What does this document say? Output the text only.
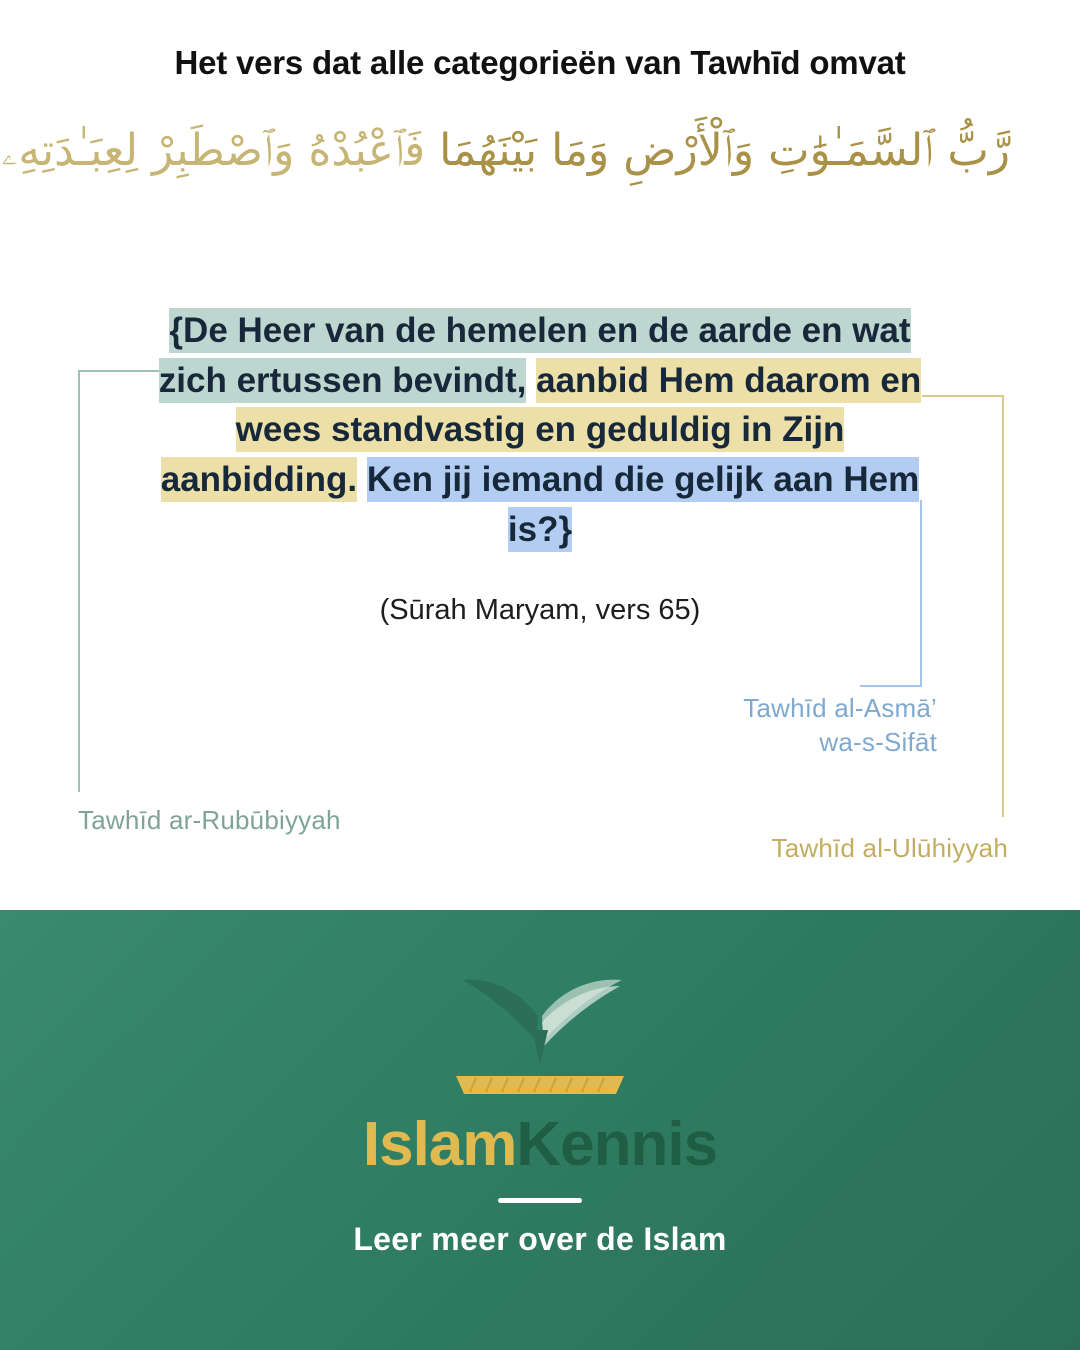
Het vers dat alle categorieën van Tawhīd omvat
رَّبُّ ٱلسَّمَـٰوَٰتِ وَٱلْأَرْضِ وَمَا بَيْنَهُمَا فَٱعْبُدْهُ وَٱصْطَبِرْ لِعِبَـٰدَتِهِۦ
{De Heer van de hemelen en de aarde en wat zich ertussen bevindt, aanbid Hem daarom en wees standvastig en geduldig in Zijn aanbidding. Ken jij iemand die gelijk aan Hem is?}
(Sūrah Maryam, vers 65)
Tawhīd al-Asmā’
wa-s-Sifāt
Tawhīd ar-Rubūbiyyah
Tawhīd al-Ulūhiyyah
IslamKennis
Leer meer over de Islam
